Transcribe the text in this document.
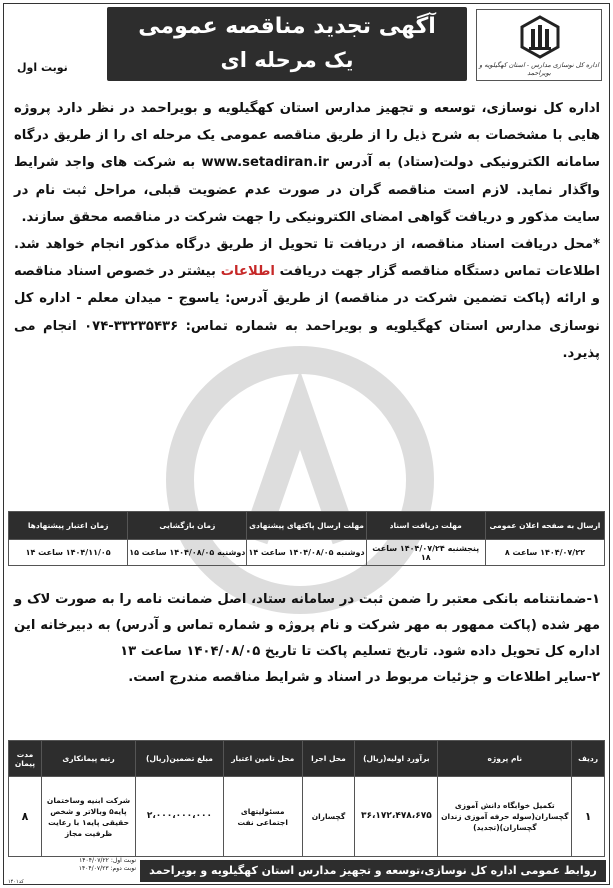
اداره کل نوسازی مدارس - استان کهگیلویه و بویراحمد
آگهی تجدید مناقصه عمومی
یک مرحله ای
نوبت اول

اداره کل نوسازی، توسعه و تجهیز مدارس استان کهگیلویه و بویراحمد در نظر دارد پروژه هایی با مشخصات به شرح ذیل را از طریق مناقصه عمومی یک مرحله ای را از طریق درگاه سامانه الکترونیکی دولت(ستاد) به آدرس www.setadiran.ir به شرکت های واجد شرایط واگذار نماید. لازم است مناقصه گران در صورت عدم عضویت قبلی، مراحل ثبت نام در سایت مذکور و دریافت گواهی امضای الکترونیکی را جهت شرکت در مناقصه محقق سازند.

*محل دریافت اسناد مناقصه، از دریافت تا تحویل از طریق درگاه مذکور انجام خواهد شد. اطلاعات تماس دستگاه مناقصه گزار جهت دریافت اطلاعات بیشتر در خصوص اسناد مناقصه و ارائه (پاکت تضمین شرکت در مناقصه) از طریق آدرس: یاسوج - میدان معلم - اداره کل نوسازی مدارس استان کهگیلویه و بویراحمد به شماره تماس: ۳۳۲۳۵۴۳۶-۰۷۴ انجام می پذیرد.

ارسال به صفحه اعلان عمومی	مهلت دریافت اسناد	مهلت ارسال پاکتهای پیشنهادی	زمان بازگشایی	زمان اعتبار پیشنهادها
۱۴۰۴/۰۷/۲۲ ساعت ۸	پنجشنبه ۱۴۰۴/۰۷/۲۴ ساعت ۱۸	دوشنبه ۱۴۰۴/۰۸/۰۵ ساعت ۱۴	دوشنبه ۱۴۰۴/۰۸/۰۵ ساعت ۱۵	۱۴۰۴/۱۱/۰۵ ساعت ۱۴

۱-ضمانتنامه بانکی معتبر را ضمن ثبت در سامانه ستاد، اصل ضمانت نامه را به صورت لاک و مهر شده (پاکت ممهور به مهر شرکت و نام پروژه و شماره تماس و آدرس) به دبیرخانه این اداره کل تحویل داده شود. تاریخ تسلیم پاکت تا تاریخ ۱۴۰۴/۰۸/۰۵ ساعت ۱۳

۲-سایر اطلاعات و جزئیات مربوط در اسناد و شرایط مناقصه مندرج است.

ردیف	نام پروژه	برآورد اولیه(ریال)	محل اجرا	محل تامین اعتبار	مبلغ تضمین(ریال)	رتبه پیمانکاری	مدت پیمان
۱	تکمیل خوابگاه دانش آموزی گچساران(سوله حرفه آموزی زندان گچساران)(تجدید)	۳۶،۱۷۲،۴۷۸،۶۷۵	گچساران	مسئولیتهای اجتماعی نفت	۲،۰۰۰،۰۰۰،۰۰۰	شرکت ابنیه وساختمان پایه۵ وبالاتر و شخص حقیقی پایه۱ با رعایت ظرفیت مجاز	۸
نوبت اول: ۱۴۰۴/۰۷/۲۲
نوبت دوم: ۱۴۰۴/۰۷/۲۳
کد۱۴۰۱
روابط عمومی اداره کل نوسازی،توسعه و تجهیز مدارس استان کهگیلویه و بویراحمد
